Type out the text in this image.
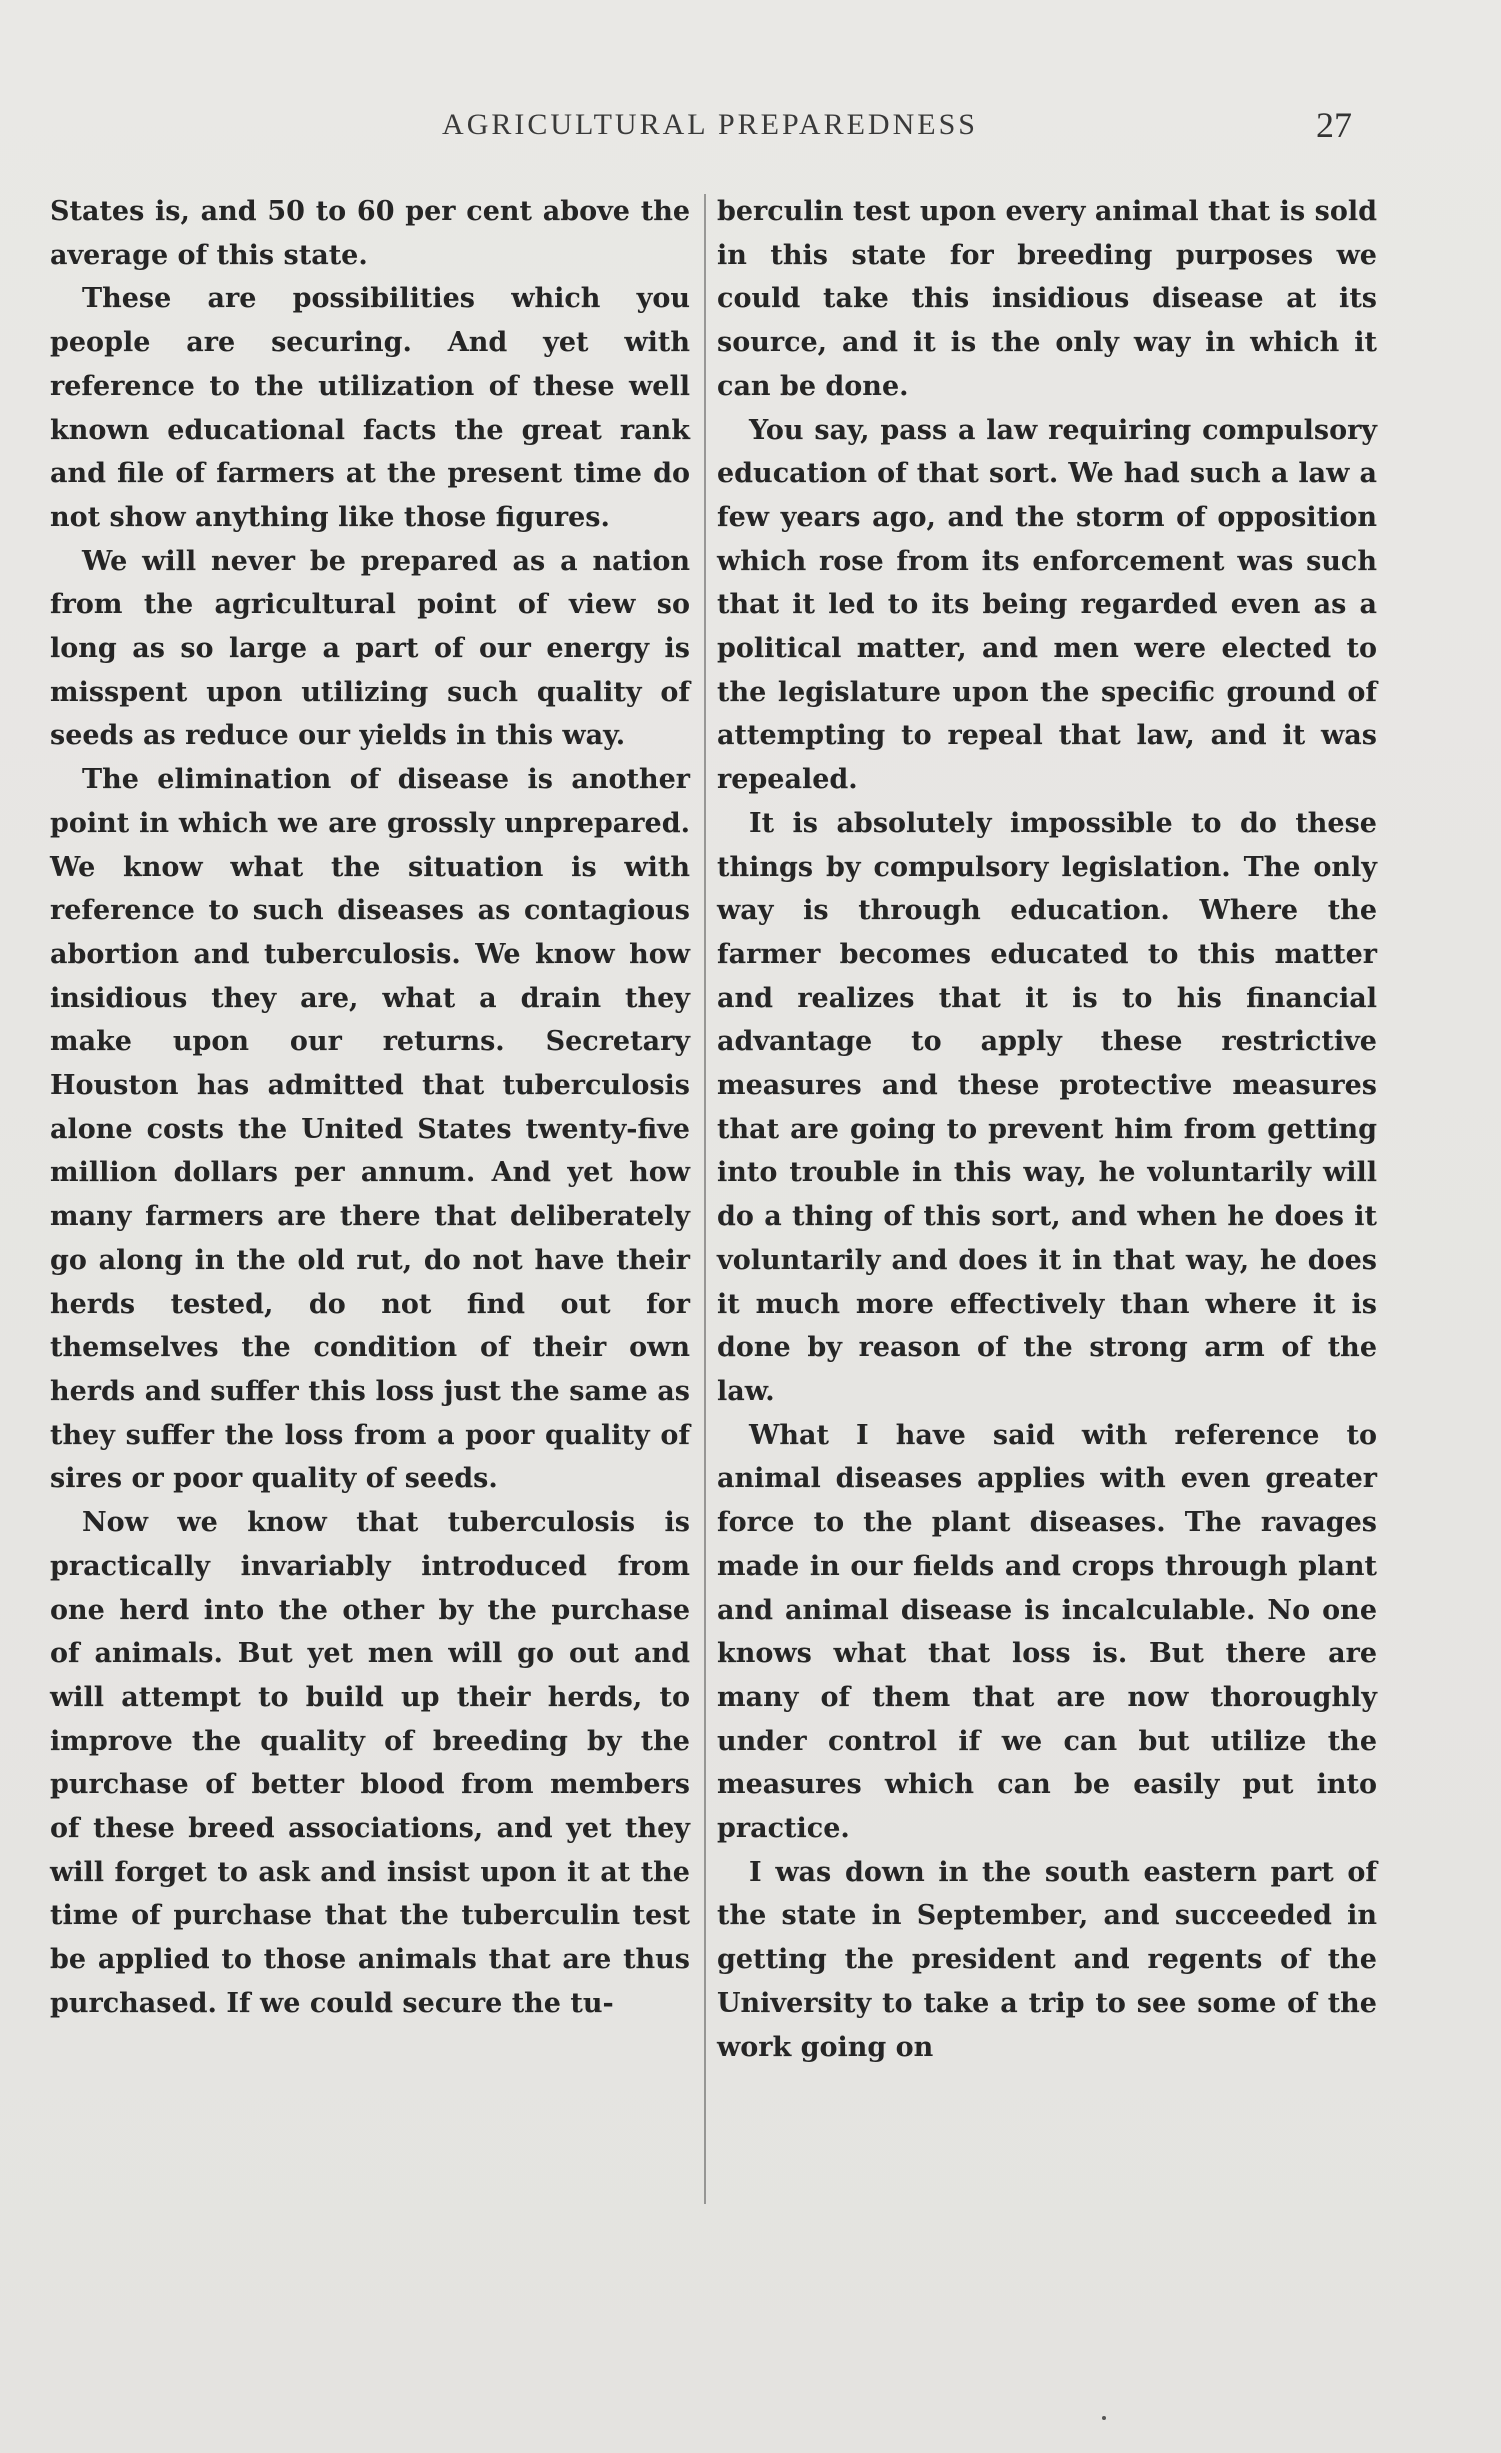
AGRICULTURAL PREPAREDNESS	27

States is, and 50 to 60 per cent above the average of this state.

These are possibilities which you people are securing. And yet with reference to the utilization of these well known educational facts the great rank and file of farmers at the present time do not show anything like those figures.

We will never be prepared as a nation from the agricultural point of view so long as so large a part of our energy is misspent upon utilizing such quality of seeds as reduce our yields in this way.

The elimination of disease is another point in which we are grossly unprepared. We know what the situation is with reference to such diseases as contagious abortion and tuberculosis. We know how insidious they are, what a drain they make upon our returns. Secretary Houston has admitted that tuberculosis alone costs the United States twenty-five million dollars per annum. And yet how many farmers are there that deliberately go along in the old rut, do not have their herds tested, do not find out for themselves the condition of their own herds and suffer this loss just the same as they suffer the loss from a poor quality of sires or poor quality of seeds.

Now we know that tuberculosis is practically invariably introduced from one herd into the other by the purchase of animals. But yet men will go out and will attempt to build up their herds, to improve the quality of breeding by the purchase of better blood from members of these breed associations, and yet they will forget to ask and insist upon it at the time of purchase that the tuberculin test be applied to those animals that are thus purchased. If we could secure the tu-

berculin test upon every animal that is sold in this state for breeding purposes we could take this insidious disease at its source, and it is the only way in which it can be done.

You say, pass a law requiring compulsory education of that sort. We had such a law a few years ago, and the storm of opposition which rose from its enforcement was such that it led to its being regarded even as a political matter, and men were elected to the legislature upon the specific ground of attempting to repeal that law, and it was repealed.

It is absolutely impossible to do these things by compulsory legislation. The only way is through education. Where the farmer becomes educated to this matter and realizes that it is to his financial advantage to apply these restrictive measures and these protective measures that are going to prevent him from getting into trouble in this way, he voluntarily will do a thing of this sort, and when he does it voluntarily and does it in that way, he does it much more effectively than where it is done by reason of the strong arm of the law.

What I have said with reference to animal diseases applies with even greater force to the plant diseases. The ravages made in our fields and crops through plant and animal disease is incalculable. No one knows what that loss is. But there are many of them that are now thoroughly under control if we can but utilize the measures which can be easily put into practice.

I was down in the south eastern part of the state in September, and succeeded in getting the president and regents of the University to take a trip to see some of the work going on
